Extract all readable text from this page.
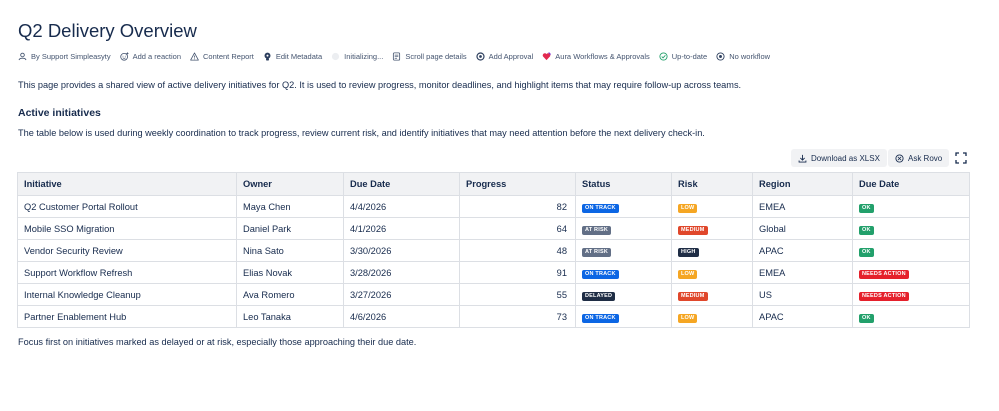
Q2 Delivery Overview
By Support Simpleasyty	Add a reaction	Content Report	Edit Metadata	Initializing...	Scroll page details	Add Approval	Aura Workflows & Approvals	Up-to-date	No workflow
This page provides a shared view of active delivery initiatives for Q2. It is used to review progress, monitor deadlines, and highlight items that may require follow-up across teams.
Active initiatives
The table below is used during weekly coordination to track progress, review current risk, and identify initiatives that may need attention before the next delivery check-in.
Download as XLSX	Ask Rovo
Initiative	Owner	Due Date	Progress	Status	Risk	Region	Due Date
Q2 Customer Portal Rollout	Maya Chen	4/4/2026	82	ON TRACK	LOW	EMEA	OK
Mobile SSO Migration	Daniel Park	4/1/2026	64	AT RISK	MEDIUM	Global	OK
Vendor Security Review	Nina Sato	3/30/2026	48	AT RISK	HIGH	APAC	OK
Support Workflow Refresh	Elias Novak	3/28/2026	91	ON TRACK	LOW	EMEA	NEEDS ACTION
Internal Knowledge Cleanup	Ava Romero	3/27/2026	55	DELAYED	MEDIUM	US	NEEDS ACTION
Partner Enablement Hub	Leo Tanaka	4/6/2026	73	ON TRACK	LOW	APAC	OK
Focus first on initiatives marked as delayed or at risk, especially those approaching their due date.
